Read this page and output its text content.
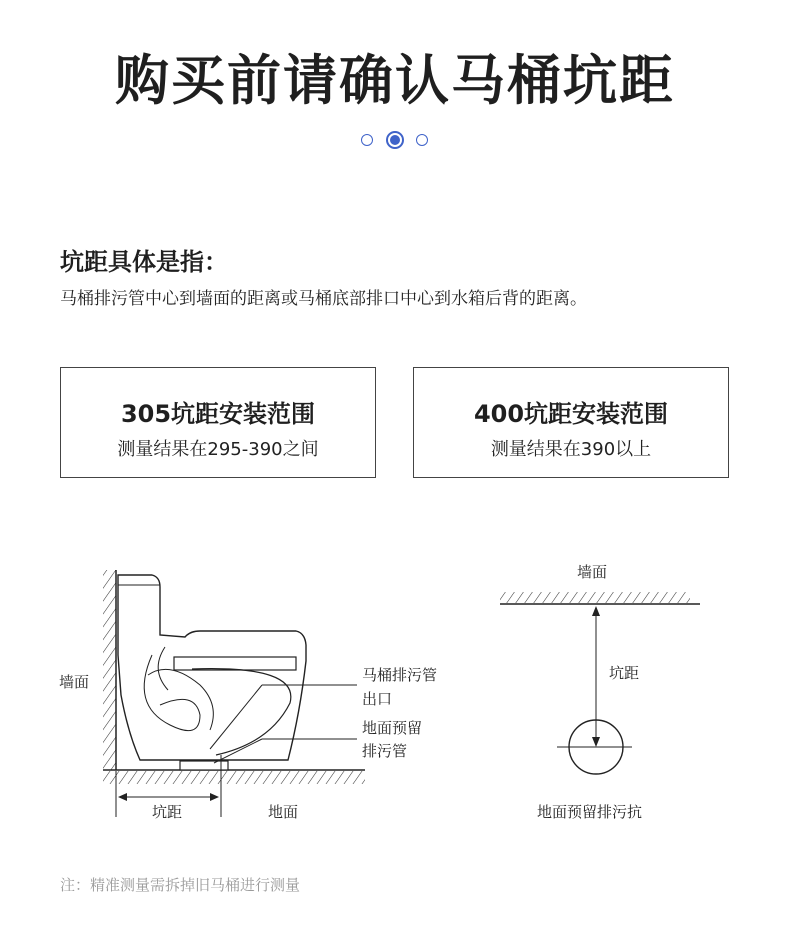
购买前请确认马桶坑距
坑距具体是指：
马桶排污管中心到墙面的距离或马桶底部排口中心到水箱后背的距离。
305坑距安装范围
测量结果在295-390之间
400坑距安装范围
测量结果在390以上
墙面	马桶排污管
出口
地面预留
排污管
坑距	地面
墙面
坑距
地面预留排污抗
注：精准测量需拆掉旧马桶进行测量
